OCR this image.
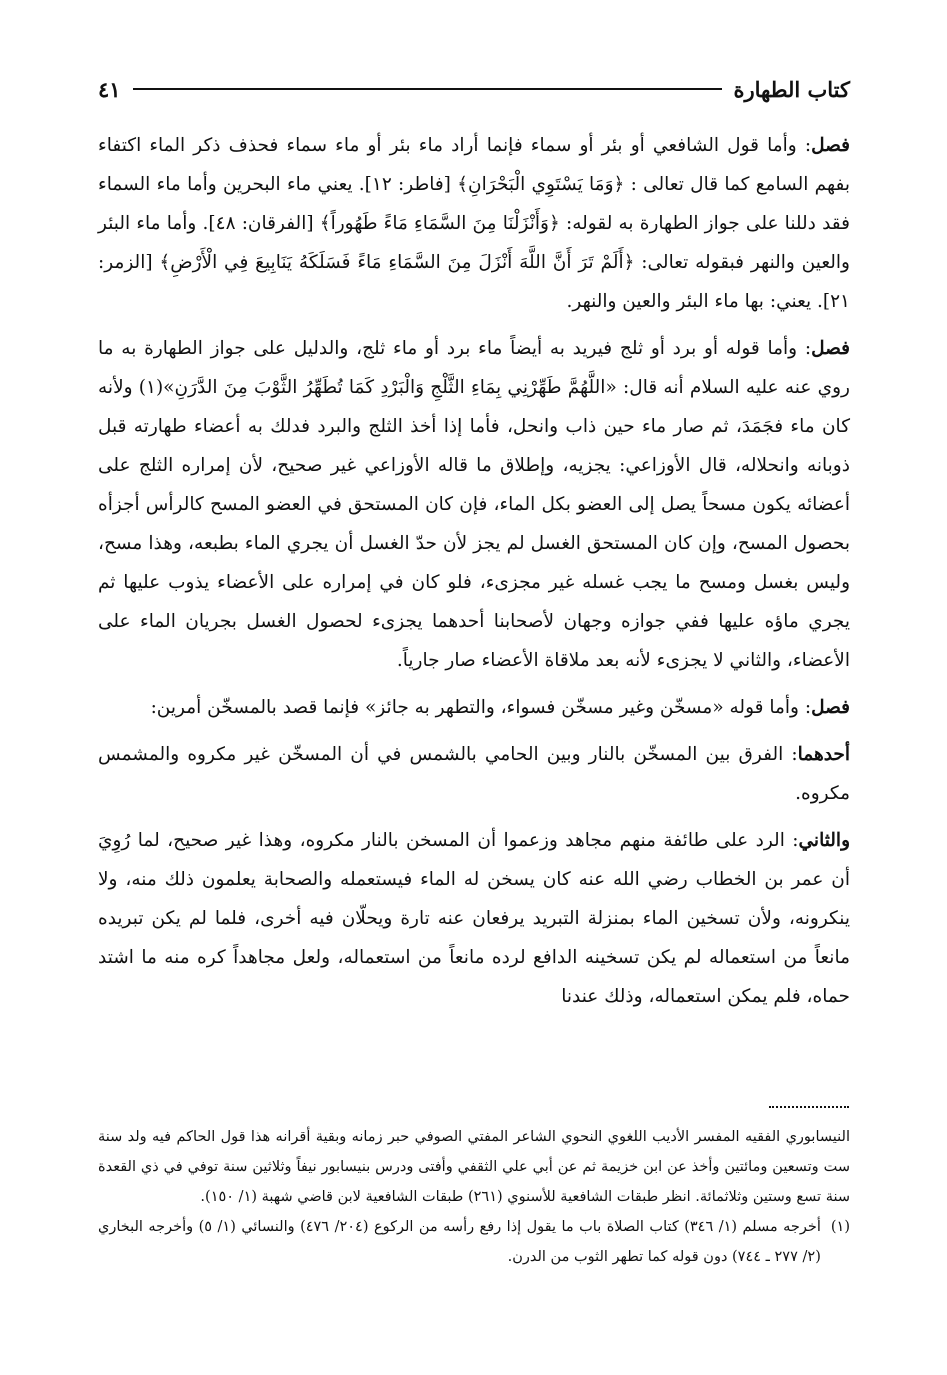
كتاب الطهارة
٤١

فصل: وأما قول الشافعي أو بئر أو سماء فإنما أراد ماء بئر أو ماء سماء فحذف ذكر الماء اكتفاء بفهم السامع كما قال تعالى : ﴿وَمَا يَسْتَوِي الْبَحْرَانِ﴾ [فاطر: ١٢]. يعني ماء البحرين وأما ماء السماء فقد دللنا على جواز الطهارة به لقوله: ﴿وَأَنْزَلْنَا مِنَ السَّمَاءِ مَاءً طَهُوراً﴾ [الفرقان: ٤٨]. وأما ماء البئر والعين والنهر فبقوله تعالى: ﴿أَلَمْ تَرَ أَنَّ اللَّهَ أَنْزَلَ مِنَ السَّمَاءِ مَاءً فَسَلَكَهُ يَنَابِيعَ فِي الْأَرْضِ﴾ [الزمر: ٢١]. يعني: بها ماء البئر والعين والنهر.

فصل: وأما قوله أو برد أو ثلج فيريد به أيضاً ماء برد أو ماء ثلج، والدليل على جواز الطهارة به ما روي عنه عليه السلام أنه قال: «اللَّهُمَّ طَهِّرْنِي بِمَاءِ الثَّلْجِ وَالْبَرْدِ كَمَا تُطَهِّرُ الثَّوْبَ مِنَ الدَّرَنِ»(١) ولأنه كان ماء فجَمَدَ، ثم صار ماء حين ذاب وانحل، فأما إذا أخذ الثلج والبرد فدلك به أعضاء طهارته قبل ذوبانه وانحلاله، قال الأوزاعي: يجزيه، وإطلاق ما قاله الأوزاعي غير صحيح، لأن إمراره الثلج على أعضائه يكون مسحاً يصل إلى العضو بكل الماء، فإن كان المستحق في العضو المسح كالرأس أجزأه بحصول المسح، وإن كان المستحق الغسل لم يجز لأن حدّ الغسل أن يجري الماء بطبعه، وهذا مسح، وليس بغسل ومسح ما يجب غسله غير مجزىء، فلو كان في إمراره على الأعضاء يذوب عليها ثم يجري ماؤه عليها ففي جوازه وجهان لأصحابنا أحدهما يجزىء لحصول الغسل بجريان الماء على الأعضاء، والثاني لا يجزىء لأنه بعد ملاقاة الأعضاء صار جارياً.

فصل: وأما قوله «مسخّن وغير مسخّن فسواء، والتطهر به جائز» فإنما قصد بالمسخّن أمرين:

أحدهما: الفرق بين المسخّن بالنار وبين الحامي بالشمس في أن المسخّن غير مكروه والمشمس مكروه.

والثاني: الرد على طائفة منهم مجاهد وزعموا أن المسخن بالنار مكروه، وهذا غير صحيح، لما رُوِيَ أن عمر بن الخطاب رضي الله عنه كان يسخن له الماء فيستعمله والصحابة يعلمون ذلك منه، ولا ينكرونه، ولأن تسخين الماء بمنزلة التبريد يرفعان عنه تارة ويحلّان فيه أخرى، فلما لم يكن تبريده مانعاً من استعماله لم يكن تسخينه الدافع لرده مانعاً من استعماله، ولعل مجاهداً كره منه ما اشتد حماه، فلم يمكن استعماله، وذلك عندنا

النيسابوري الفقيه المفسر الأديب اللغوي النحوي الشاعر المفتي الصوفي حبر زمانه وبقية أقرانه هذا قول الحاكم فيه ولد سنة ست وتسعين ومائتين وأخذ عن ابن خزيمة ثم عن أبي علي الثقفي وأفتى ودرس بنيسابور نيفاً وثلاثين سنة توفي في ذي القعدة سنة تسع وستين وثلاثمائة. انظر طبقات الشافعية للأسنوي (٢٦١) طبقات الشافعية لابن قاضي شهبة (١/ ١٥٠).

(١)
أخرجه مسلم (١/ ٣٤٦) كتاب الصلاة باب ما يقول إذا رفع رأسه من الركوع (٢٠٤/ ٤٧٦) والنسائي (١/ ٥) وأخرجه البخاري (٢/ ٢٧٧ ـ ٧٤٤) دون قوله كما تطهر الثوب من الدرن.
